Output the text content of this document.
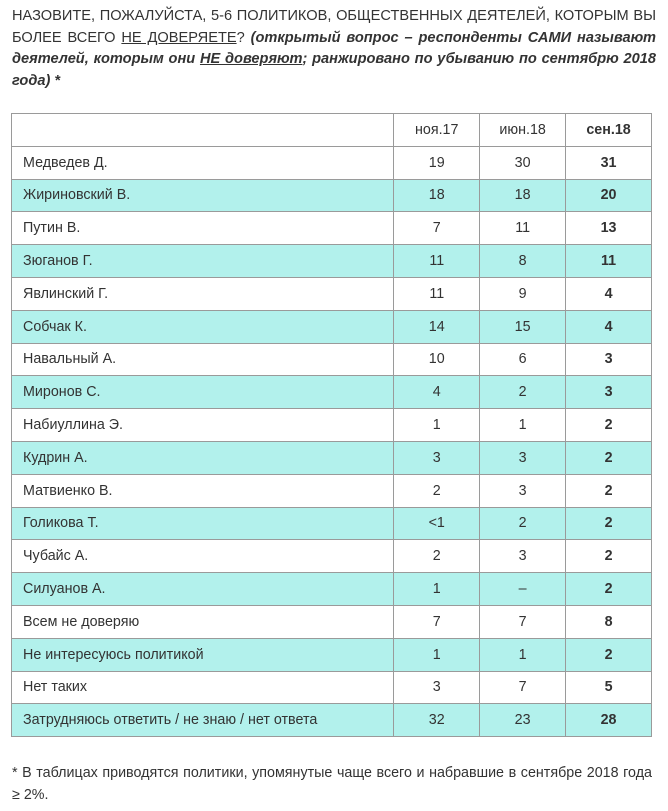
НАЗОВИТЕ, ПОЖАЛУЙСТА, 5-6 ПОЛИТИКОВ, ОБЩЕСТВЕННЫХ ДЕЯТЕЛЕЙ, КОТОРЫМ ВЫ БОЛЕЕ ВСЕГО НЕ ДОВЕРЯЕТЕ? (открытый вопрос – респонденты САМИ называют деятелей, которым они НЕ доверяют; ранжировано по убыванию по сентябрю 2018 года) *
	ноя.17	июн.18	сен.18
Медведев Д.	19	30	31
Жириновский В.	18	18	20
Путин В.	7	11	13
Зюганов Г.	11	8	11
Явлинский Г.	11	9	4
Собчак К.	14	15	4
Навальный А.	10	6	3
Миронов С.	4	2	3
Набиуллина Э.	1	1	2
Кудрин А.	3	3	2
Матвиенко В.	2	3	2
Голикова Т.	<1	2	2
Чубайс А.	2	3	2
Силуанов А.	1	–	2
Всем не доверяю	7	7	8
Не интересуюсь политикой	1	1	2
Нет таких	3	7	5
Затрудняюсь ответить / не знаю / нет ответа	32	23	28
* В таблицах приводятся политики, упомянутые чаще всего и набравшие в сентябре 2018 года ≥ 2%.
